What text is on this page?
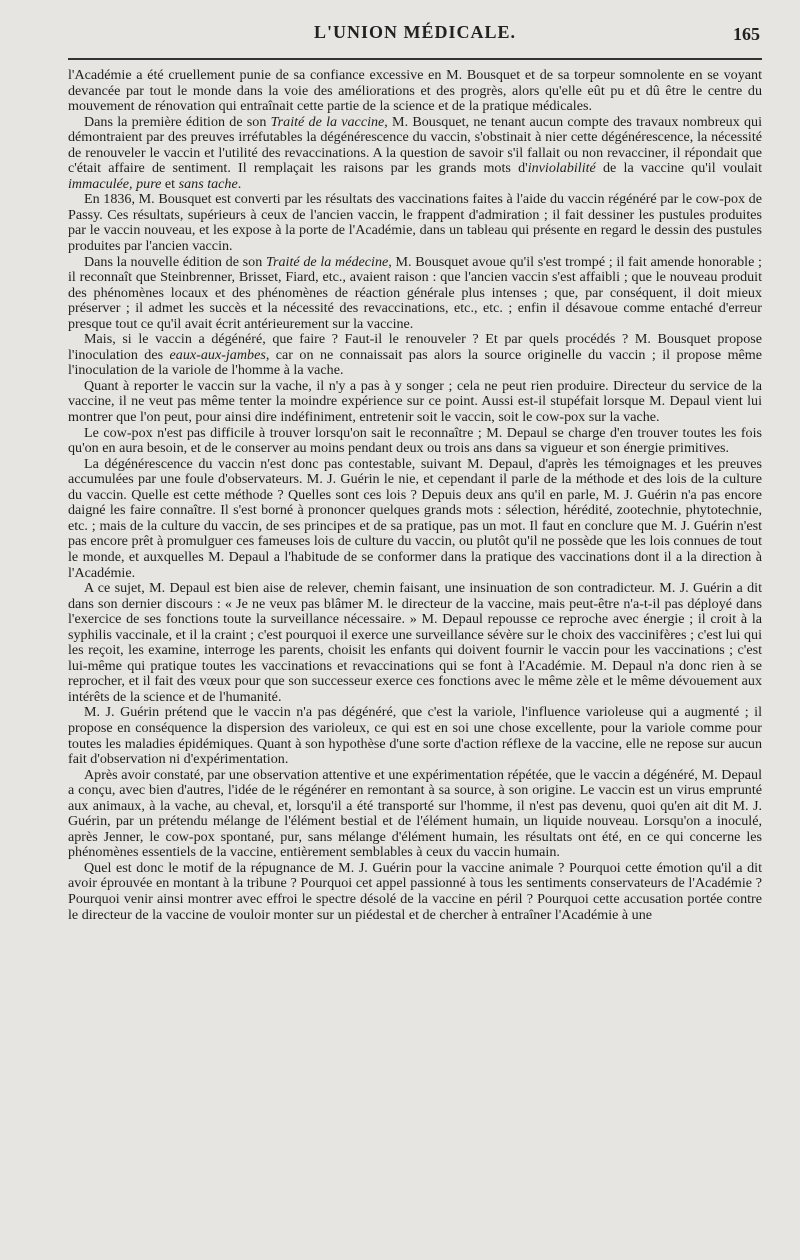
L'UNION MÉDICALE.	165

l'Académie a été cruellement punie de sa confiance excessive en M. Bousquet et de sa torpeur somnolente en se voyant devancée par tout le monde dans la voie des améliorations et des progrès, alors qu'elle eût pu et dû être le centre du mouvement de rénovation qui entraînait cette partie de la science et de la pratique médicales.

Dans la première édition de son Traité de la vaccine, M. Bousquet, ne tenant aucun compte des travaux nombreux qui démontraient par des preuves irréfutables la dégénérescence du vaccin, s'obstinait à nier cette dégénérescence, la nécessité de renouveler le vaccin et l'utilité des revaccinations. A la question de savoir s'il fallait ou non revacciner, il répondait que c'était affaire de sentiment. Il remplaçait les raisons par les grands mots d'inviolabilité de la vaccine qu'il voulait immaculée, pure et sans tache.

En 1836, M. Bousquet est converti par les résultats des vaccinations faites à l'aide du vaccin régénéré par le cow-pox de Passy. Ces résultats, supérieurs à ceux de l'ancien vaccin, le frappent d'admiration ; il fait dessiner les pustules produites par le vaccin nouveau, et les expose à la porte de l'Académie, dans un tableau qui présente en regard le dessin des pustules produites par l'ancien vaccin.

Dans la nouvelle édition de son Traité de la médecine, M. Bousquet avoue qu'il s'est trompé ; il fait amende honorable ; il reconnaît que Steinbrenner, Brisset, Fiard, etc., avaient raison : que l'ancien vaccin s'est affaibli ; que le nouveau produit des phénomènes locaux et des phénomènes de réaction générale plus intenses ; que, par conséquent, il doit mieux préserver ; il admet les succès et la nécessité des revaccinations, etc., etc. ; enfin il désavoue comme entaché d'erreur presque tout ce qu'il avait écrit antérieurement sur la vaccine.

Mais, si le vaccin a dégénéré, que faire ? Faut-il le renouveler ? Et par quels procédés ? M. Bousquet propose l'inoculation des eaux-aux-jambes, car on ne connaissait pas alors la source originelle du vaccin ; il propose même l'inoculation de la variole de l'homme à la vache.

Quant à reporter le vaccin sur la vache, il n'y a pas à y songer ; cela ne peut rien produire. Directeur du service de la vaccine, il ne veut pas même tenter la moindre expérience sur ce point. Aussi est-il stupéfait lorsque M. Depaul vient lui montrer que l'on peut, pour ainsi dire indéfiniment, entretenir soit le vaccin, soit le cow-pox sur la vache.

Le cow-pox n'est pas difficile à trouver lorsqu'on sait le reconnaître ; M. Depaul se charge d'en trouver toutes les fois qu'on en aura besoin, et de le conserver au moins pendant deux ou trois ans dans sa vigueur et son énergie primitives.

La dégénérescence du vaccin n'est donc pas contestable, suivant M. Depaul, d'après les témoignages et les preuves accumulées par une foule d'observateurs. M. J. Guérin le nie, et cependant il parle de la méthode et des lois de la culture du vaccin. Quelle est cette méthode ? Quelles sont ces lois ? Depuis deux ans qu'il en parle, M. J. Guérin n'a pas encore daigné les faire connaître. Il s'est borné à prononcer quelques grands mots : sélection, hérédité, zootechnie, phytotechnie, etc. ; mais de la culture du vaccin, de ses principes et de sa pratique, pas un mot. Il faut en conclure que M. J. Guérin n'est pas encore prêt à promulguer ces fameuses lois de culture du vaccin, ou plutôt qu'il ne possède que les lois connues de tout le monde, et auxquelles M. Depaul a l'habitude de se conformer dans la pratique des vaccinations dont il a la direction à l'Académie.

A ce sujet, M. Depaul est bien aise de relever, chemin faisant, une insinuation de son contradicteur. M. J. Guérin a dit dans son dernier discours : « Je ne veux pas blâmer M. le directeur de la vaccine, mais peut-être n'a-t-il pas déployé dans l'exercice de ses fonctions toute la surveillance nécessaire. » M. Depaul repousse ce reproche avec énergie ; il croit à la syphilis vaccinale, et il la craint ; c'est pourquoi il exerce une surveillance sévère sur le choix des vaccinifères ; c'est lui qui les reçoit, les examine, interroge les parents, choisit les enfants qui doivent fournir le vaccin pour les vaccinations ; c'est lui-même qui pratique toutes les vaccinations et revaccinations qui se font à l'Académie. M. Depaul n'a donc rien à se reprocher, et il fait des vœux pour que son successeur exerce ces fonctions avec le même zèle et le même dévouement aux intérêts de la science et de l'humanité.

M. J. Guérin prétend que le vaccin n'a pas dégénéré, que c'est la variole, l'influence varioleuse qui a augmenté ; il propose en conséquence la dispersion des varioleux, ce qui est en soi une chose excellente, pour la variole comme pour toutes les maladies épidémiques. Quant à son hypothèse d'une sorte d'action réflexe de la vaccine, elle ne repose sur aucun fait d'observation ni d'expérimentation.

Après avoir constaté, par une observation attentive et une expérimentation répétée, que le vaccin a dégénéré, M. Depaul a conçu, avec bien d'autres, l'idée de le régénérer en remontant à sa source, à son origine. Le vaccin est un virus emprunté aux animaux, à la vache, au cheval, et, lorsqu'il a été transporté sur l'homme, il n'est pas devenu, quoi qu'en ait dit M. J. Guérin, par un prétendu mélange de l'élément bestial et de l'élément humain, un liquide nouveau. Lorsqu'on a inoculé, après Jenner, le cow-pox spontané, pur, sans mélange d'élément humain, les résultats ont été, en ce qui concerne les phénomènes essentiels de la vaccine, entièrement semblables à ceux du vaccin humain.

Quel est donc le motif de la répugnance de M. J. Guérin pour la vaccine animale ? Pourquoi cette émotion qu'il a dit avoir éprouvée en montant à la tribune ? Pourquoi cet appel passionné à tous les sentiments conservateurs de l'Académie ? Pourquoi venir ainsi montrer avec effroi le spectre désolé de la vaccine en péril ? Pourquoi cette accusation portée contre le directeur de la vaccine de vouloir monter sur un piédestal et de chercher à entraîner l'Académie à une
